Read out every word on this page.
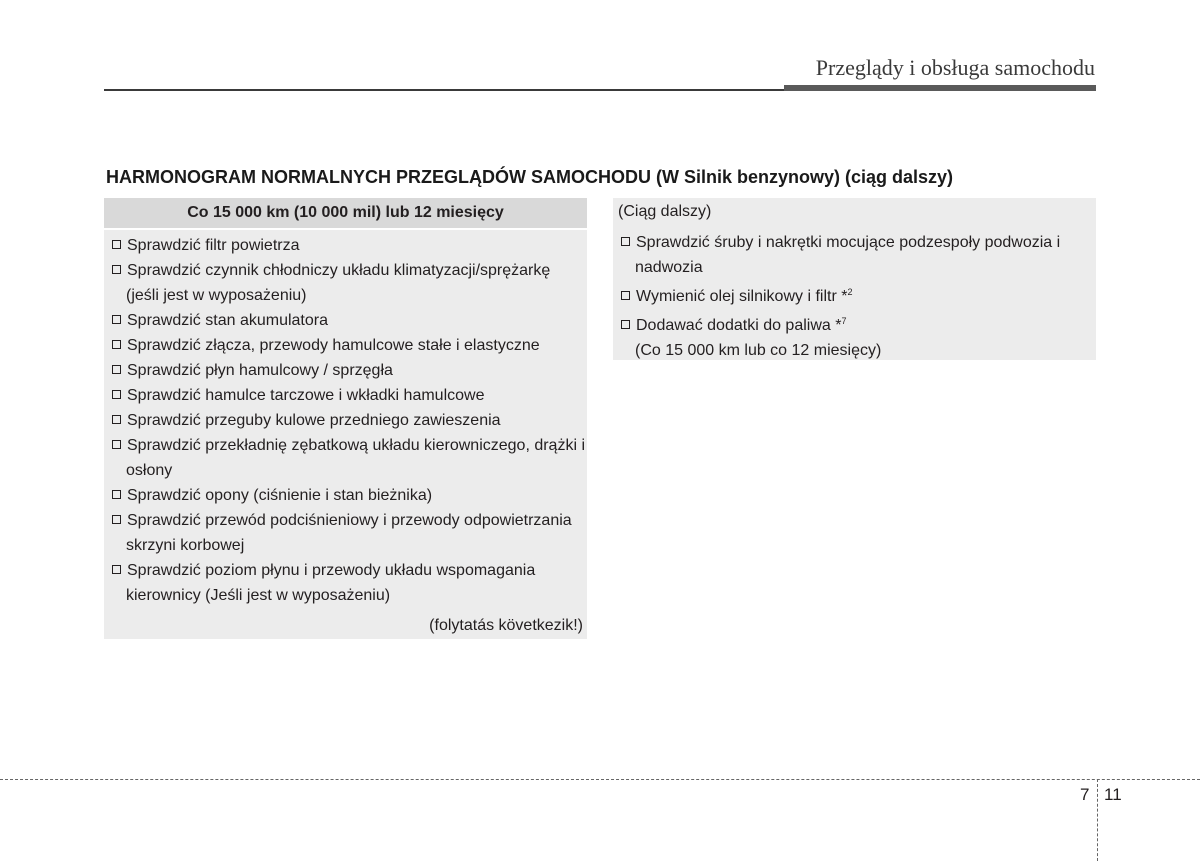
Przeglądy i obsługa samochodu
HARMONOGRAM NORMALNYCH PRZEGLĄDÓW SAMOCHODU (W Silnik benzynowy) (ciąg dalszy)
Co 15 000 km (10 000 mil) lub 12 miesięcy
Sprawdzić filtr powietrza
Sprawdzić czynnik chłodniczy układu klimatyzacji/sprężarkę (jeśli jest w wyposażeniu)
Sprawdzić stan akumulatora
Sprawdzić złącza, przewody hamulcowe stałe i elastyczne
Sprawdzić płyn hamulcowy / sprzęgła
Sprawdzić hamulce tarczowe i wkładki hamulcowe
Sprawdzić przeguby kulowe przedniego zawieszenia
Sprawdzić przekładnię zębatkową układu kierowniczego, drążki i osłony
Sprawdzić opony (ciśnienie i stan bieżnika)
Sprawdzić przewód podciśnieniowy i przewody odpowietrzania skrzyni korbowej
Sprawdzić poziom płynu i przewody układu wspomagania kierownicy (Jeśli jest w wyposażeniu)
(folytatás következik!)
(Ciąg dalszy)
Sprawdzić śruby i nakrętki mocujące podzespoły podwozia i nadwozia
Wymienić olej silnikowy i filtr *$^2$
Dodawać dodatki do paliwa *$^7$
(Co 15 000 km lub co 12 miesięcy)
7 11
